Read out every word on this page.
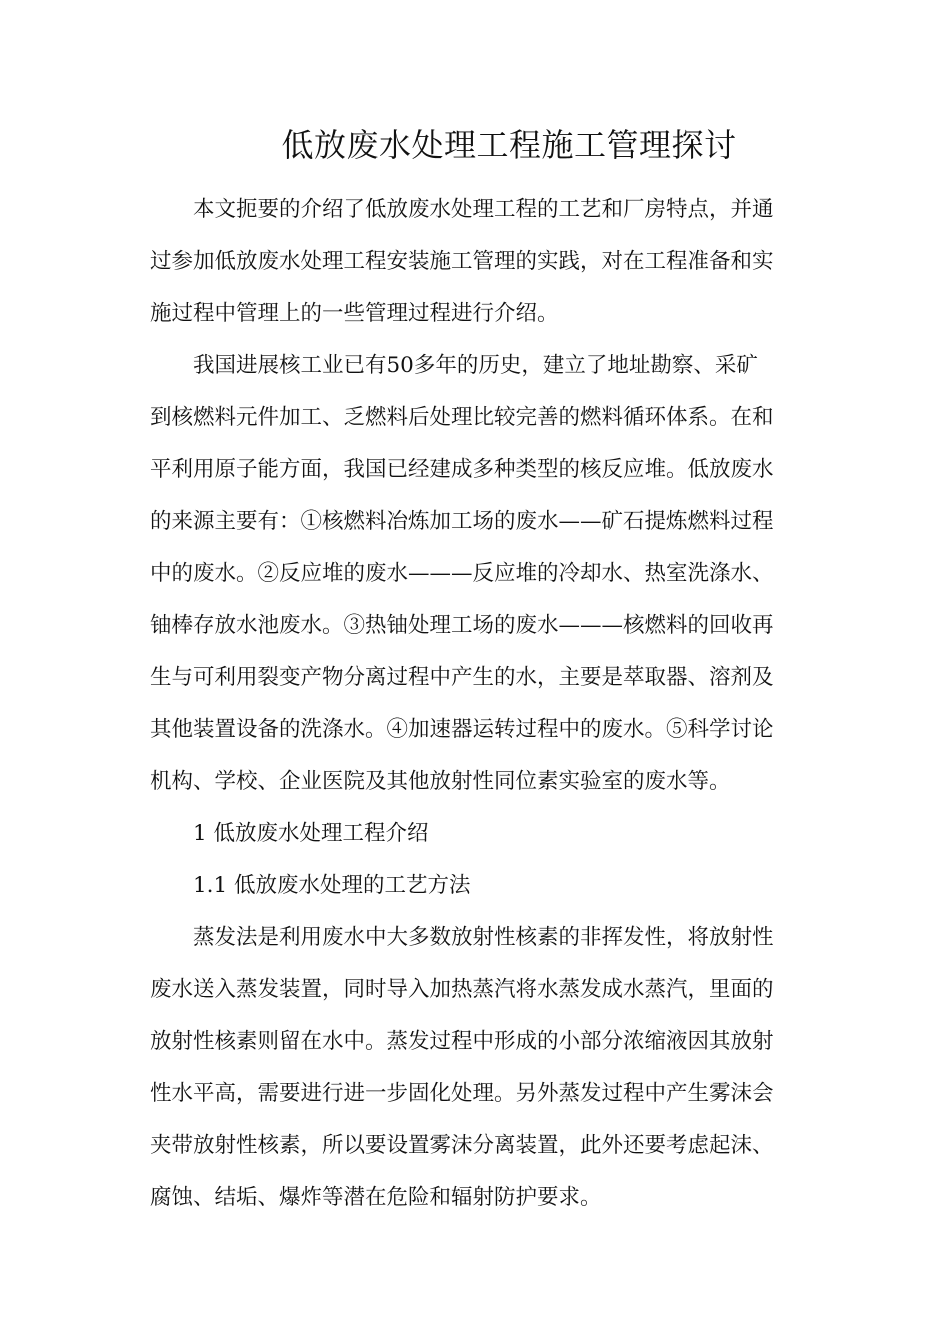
低放废水处理工程施工管理探讨
本文扼要的介绍了低放废水处理工程的工艺和厂房特点，并通
过参加低放废水处理工程安装施工管理的实践，对在工程准备和实
施过程中管理上的一些管理过程进行介绍。
我国进展核工业已有50多年的历史，建立了地址勘察、采矿
到核燃料元件加工、乏燃料后处理比较完善的燃料循环体系。在和
平利用原子能方面，我国已经建成多种类型的核反应堆。低放废水
的来源主要有：①核燃料冶炼加工场的废水——矿石提炼燃料过程
中的废水。②反应堆的废水———反应堆的冷却水、热室洗涤水、
铀棒存放水池废水。③热铀处理工场的废水———核燃料的回收再
生与可利用裂变产物分离过程中产生的水，主要是萃取器、溶剂及
其他装置设备的洗涤水。④加速器运转过程中的废水。⑤科学讨论
机构、学校、企业医院及其他放射性同位素实验室的废水等。
1 低放废水处理工程介绍
1.1 低放废水处理的工艺方法
蒸发法是利用废水中大多数放射性核素的非挥发性，将放射性
废水送入蒸发装置，同时导入加热蒸汽将水蒸发成水蒸汽，里面的
放射性核素则留在水中。蒸发过程中形成的小部分浓缩液因其放射
性水平高，需要进行进一步固化处理。另外蒸发过程中产生雾沫会
夹带放射性核素，所以要设置雾沫分离装置，此外还要考虑起沫、
腐蚀、结垢、爆炸等潜在危险和辐射防护要求。
